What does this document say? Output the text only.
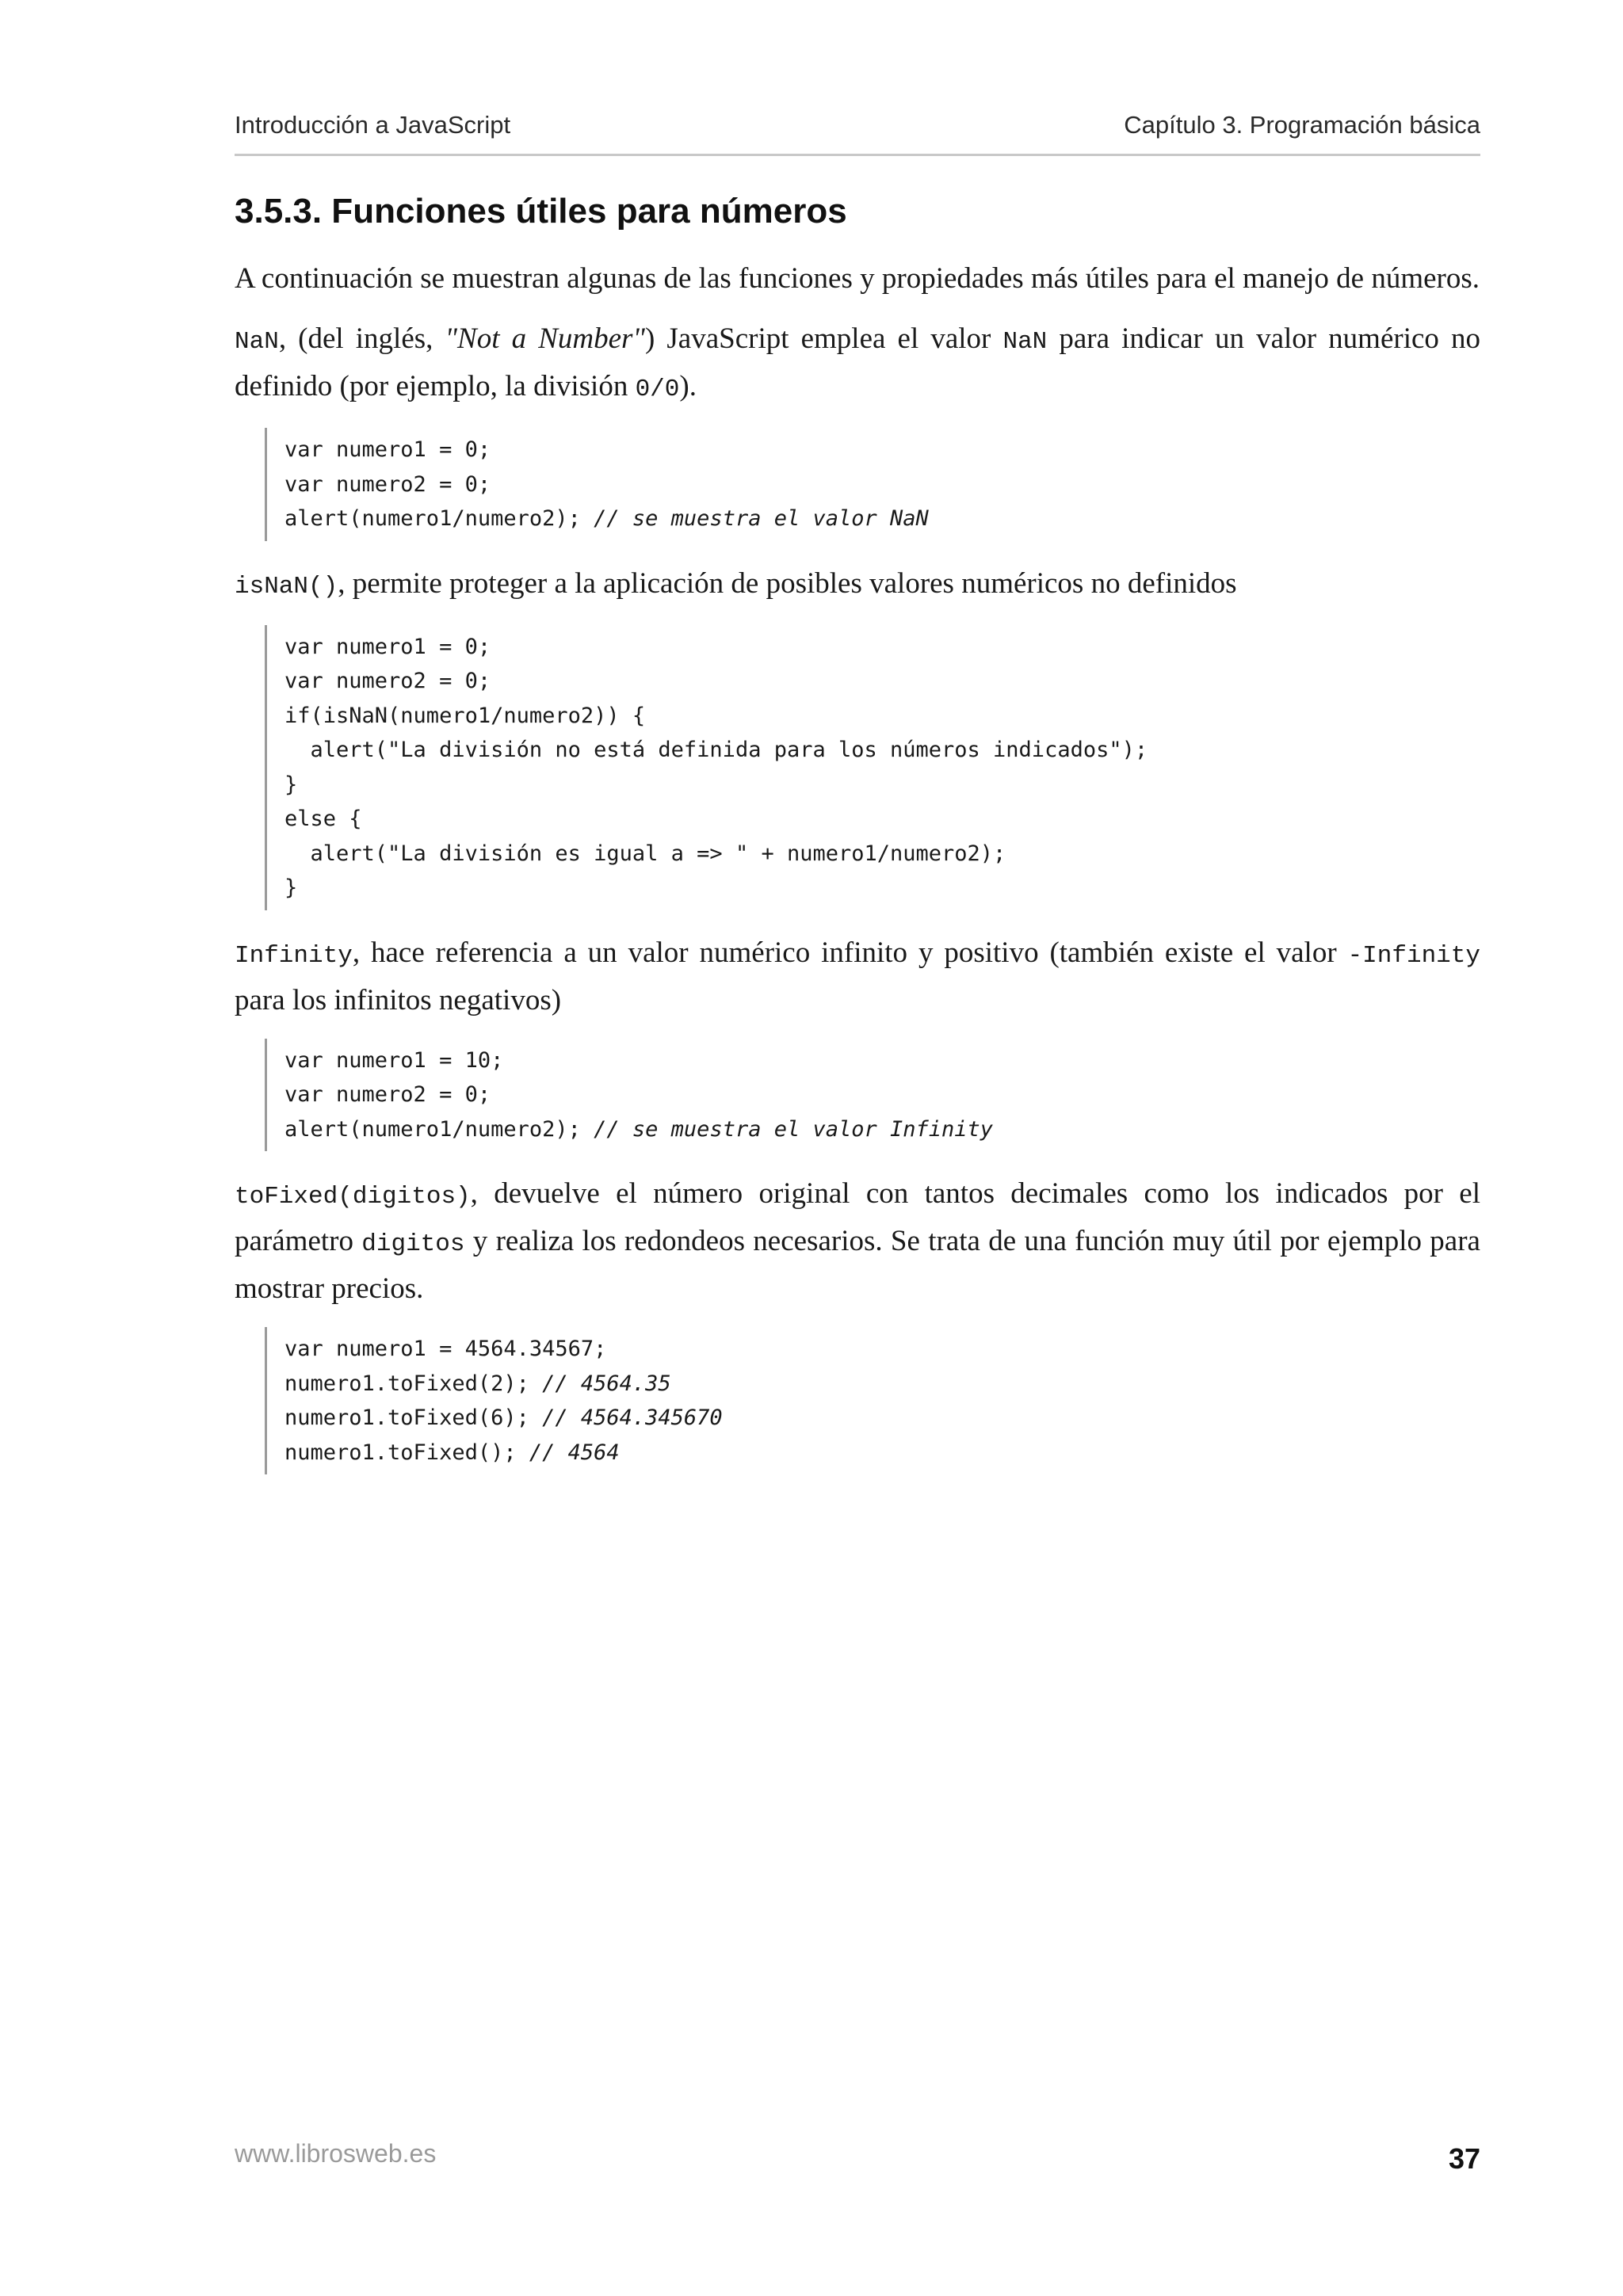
Introducción a JavaScript	Capítulo 3. Programación básica
3.5.3. Funciones útiles para números

A continuación se muestran algunas de las funciones y propiedades más útiles para el manejo de números.

NaN, (del inglés, "Not a Number") JavaScript emplea el valor NaN para indicar un valor numérico no definido (por ejemplo, la división 0/0).

var numero1 = 0;
var numero2 = 0;
alert(numero1/numero2); // se muestra el valor NaN

isNaN(), permite proteger a la aplicación de posibles valores numéricos no definidos

var numero1 = 0;
var numero2 = 0;
if(isNaN(numero1/numero2)) {
alert("La división no está definida para los números indicados");
}
else {
alert("La división es igual a => " + numero1/numero2);
}

Infinity, hace referencia a un valor numérico infinito y positivo (también existe el valor -Infinity para los infinitos negativos)

var numero1 = 10;
var numero2 = 0;
alert(numero1/numero2); // se muestra el valor Infinity

toFixed(digitos), devuelve el número original con tantos decimales como los indicados por el parámetro digitos y realiza los redondeos necesarios. Se trata de una función muy útil por ejemplo para mostrar precios.

var numero1 = 4564.34567;
numero1.toFixed(2); // 4564.35
numero1.toFixed(6); // 4564.345670
numero1.toFixed(); // 4564
www.librosweb.es	37
